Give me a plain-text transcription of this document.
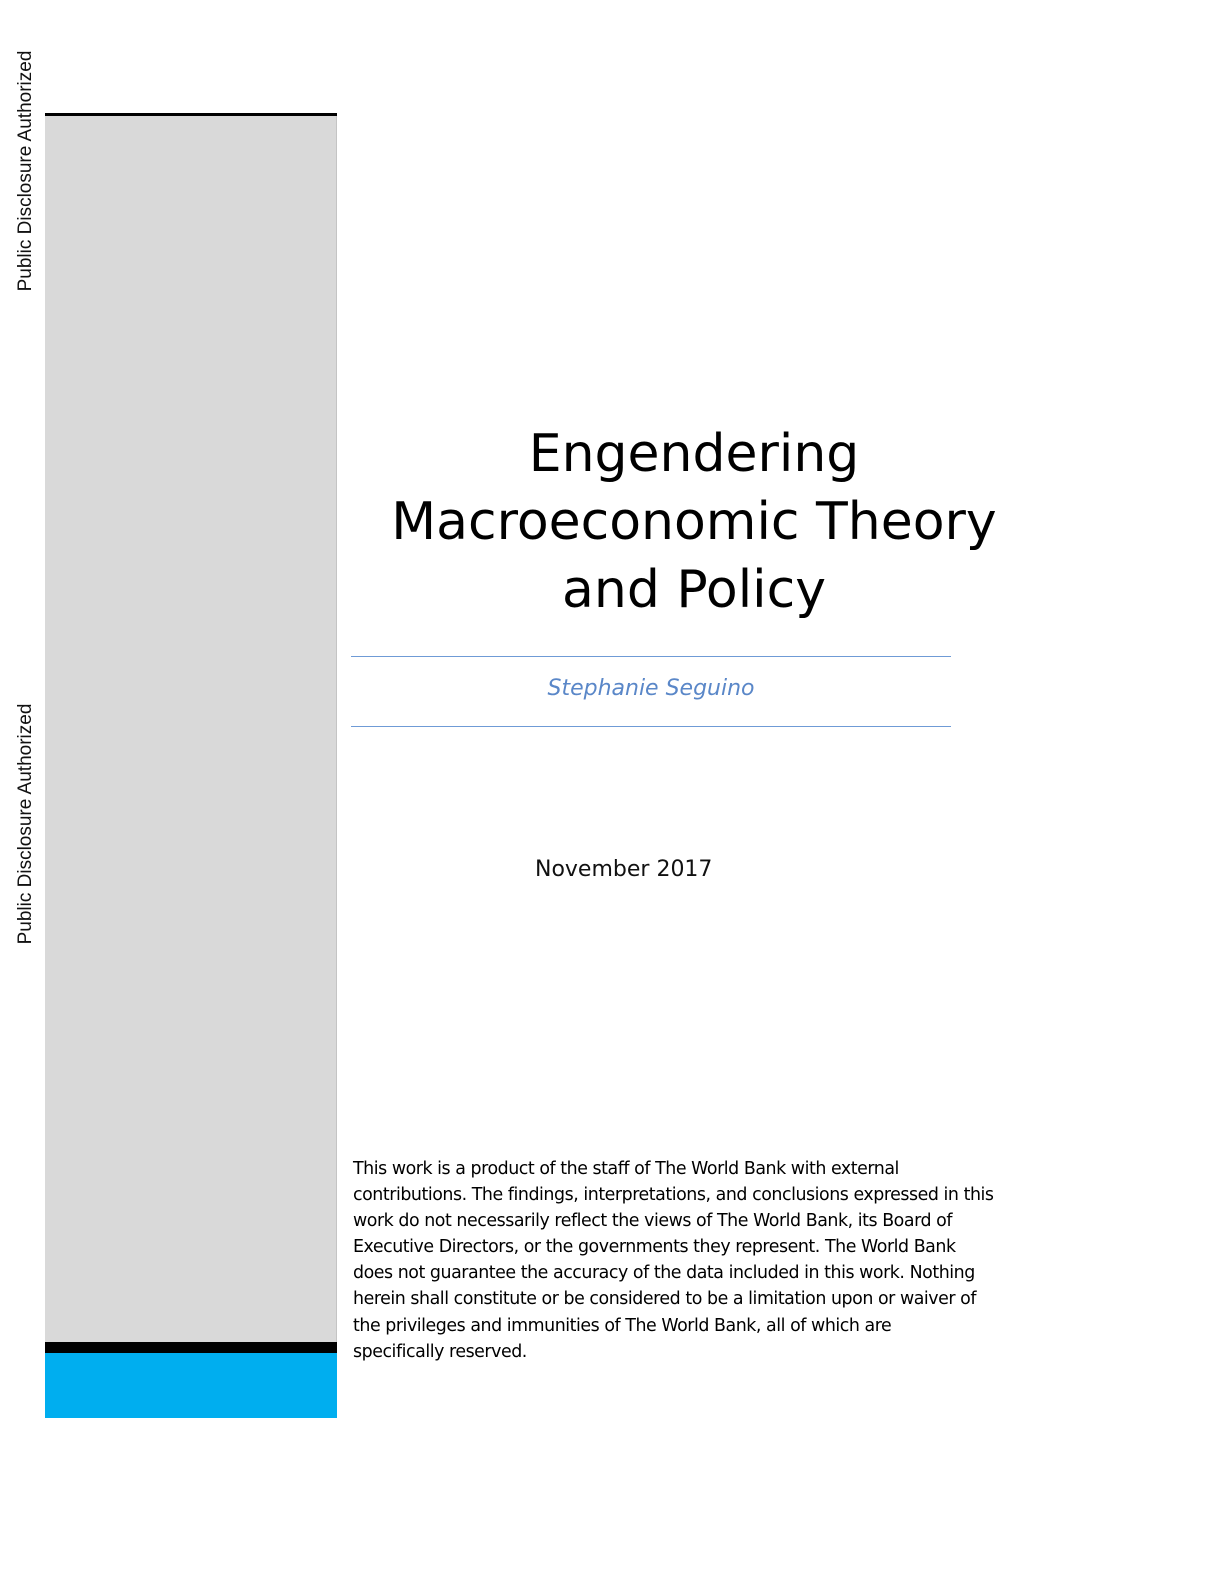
Public Disclosure Authorized
Public Disclosure Authorized
Engendering
Macroeconomic Theory
and Policy
Stephanie Seguino
November 2017
This work is a product of the staff of The World Bank with external
contributions. The findings, interpretations, and conclusions expressed in this
work do not necessarily reflect the views of The World Bank, its Board of
Executive Directors, or the governments they represent. The World Bank
does not guarantee the accuracy of the data included in this work. Nothing
herein shall constitute or be considered to be a limitation upon or waiver of
the privileges and immunities of The World Bank, all of which are
specifically reserved.
